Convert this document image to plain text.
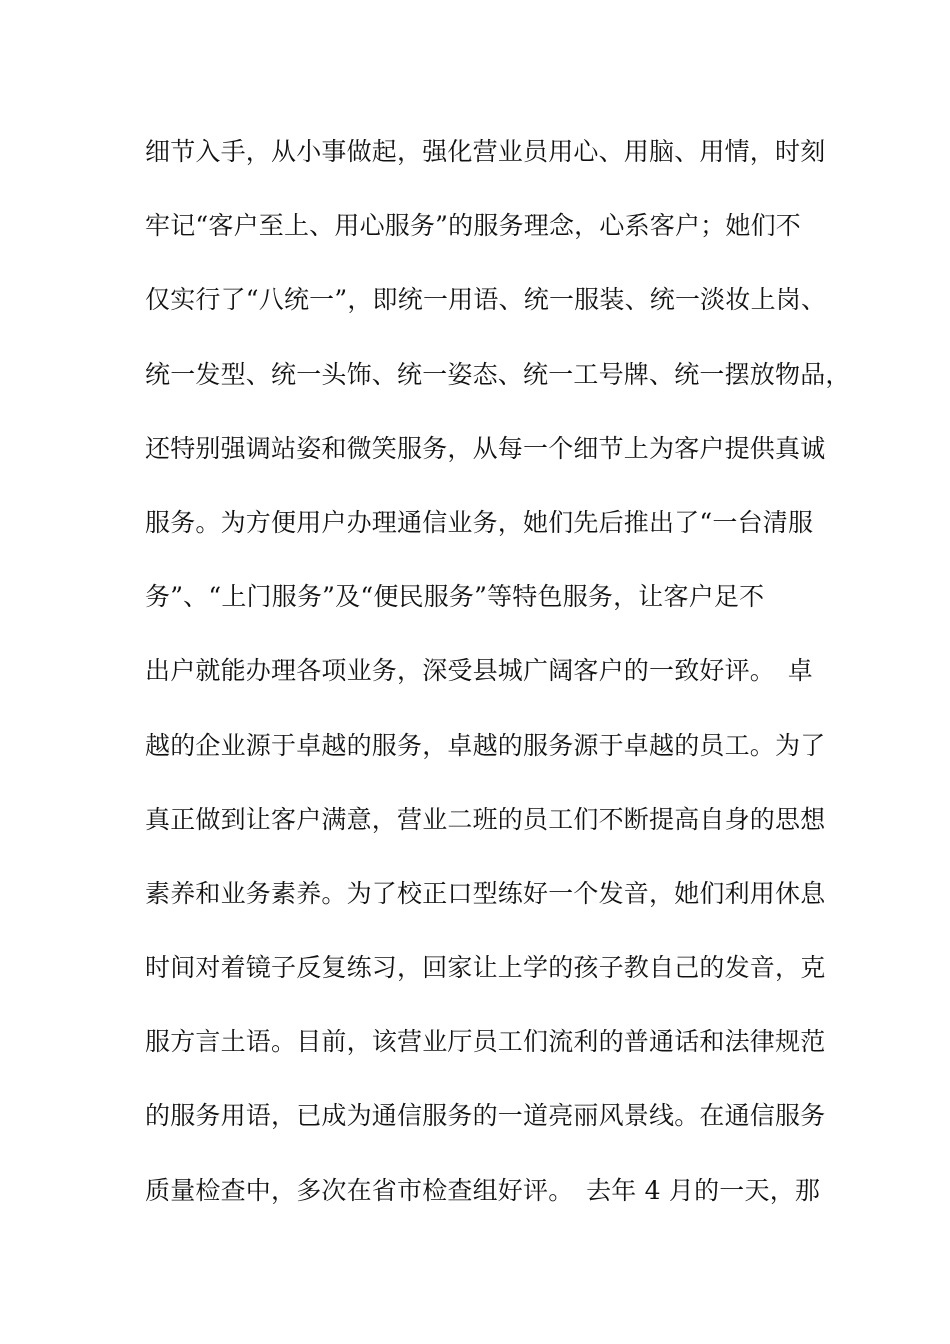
细节入手，从小事做起，强化营业员用心、用脑、用情，时刻
牢记“客户至上、用心服务”的服务理念，心系客户；她们不
仅实行了“八统一”，即统一用语、统一服装、统一淡妆上岗、
统一发型、统一头饰、统一姿态、统一工号牌、统一摆放物品，
还特别强调站姿和微笑服务，从每一个细节上为客户提供真诚
服务。为方便用户办理通信业务，她们先后推出了“一台清服
务”、“上门服务”及“便民服务”等特色服务，让客户足不
出户就能办理各项业务，深受县城广阔客户的一致好评。　卓
越的企业源于卓越的服务，卓越的服务源于卓越的员工。为了
真正做到让客户满意，营业二班的员工们不断提高自身的思想
素养和业务素养。为了校正口型练好一个发音，她们利用休息
时间对着镜子反复练习，回家让上学的孩子教自己的发音，克
服方言土语。目前，该营业厅员工们流利的普通话和法律规范
的服务用语，已成为通信服务的一道亮丽风景线。在通信服务
质量检查中，多次在省市检查组好评。　去年 4 月的一天，那
